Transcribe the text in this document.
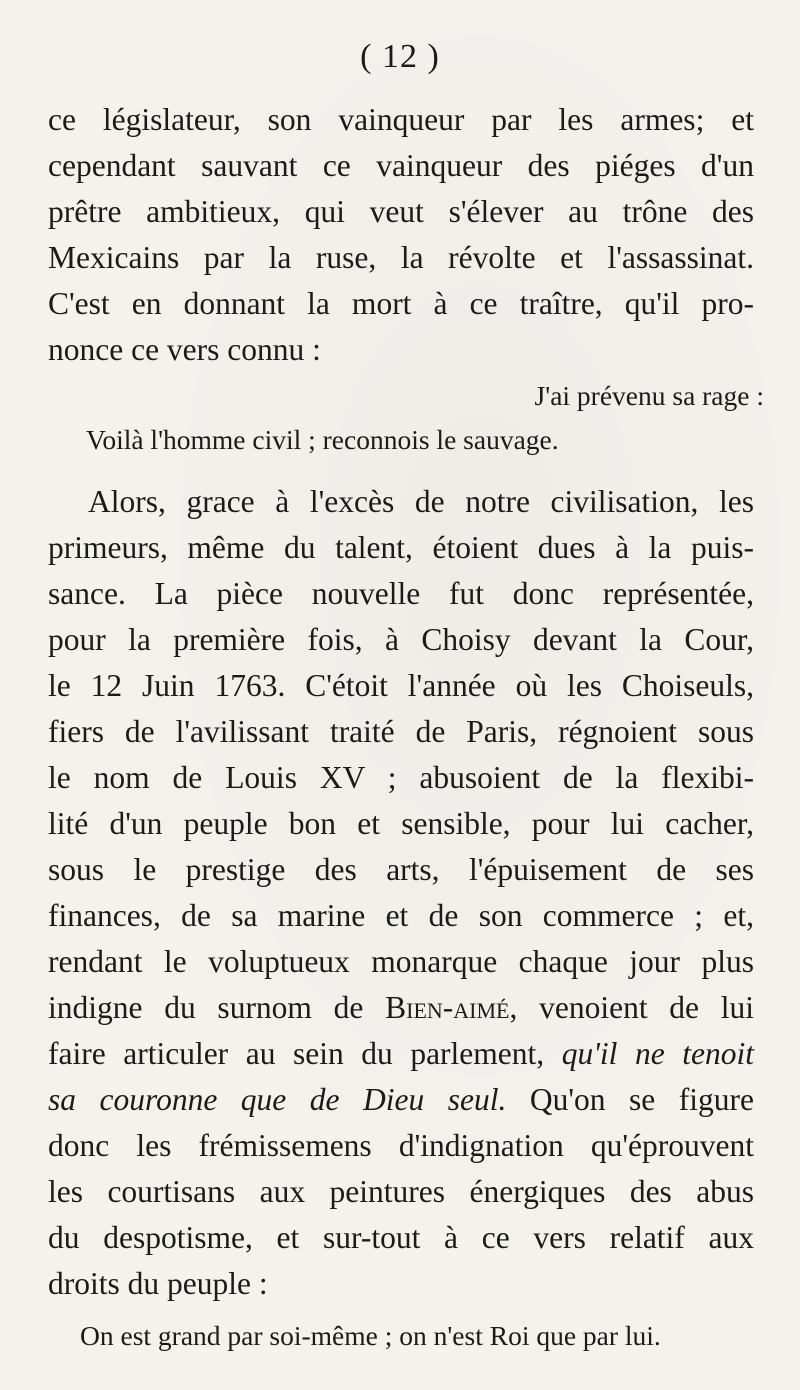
( 12 )
ce législateur, son vainqueur par les armes; et
cependant sauvant ce vainqueur des piéges d'un
prêtre ambitieux, qui veut s'élever au trône des
Mexicains par la ruse, la révolte et l'assassinat.
C'est en donnant la mort à ce traître, qu'il pro-
nonce ce vers connu :
J'ai prévenu sa rage :
Voilà l'homme civil ; reconnois le sauvage.
Alors, grace à l'excès de notre civilisation, les
primeurs, même du talent, étoient dues à la puis-
sance. La pièce nouvelle fut donc représentée,
pour la première fois, à Choisy devant la Cour,
le 12 Juin 1763. C'étoit l'année où les Choiseuls,
fiers de l'avilissant traité de Paris, régnoient sous
le nom de Louis XV ; abusoient de la flexibi-
lité d'un peuple bon et sensible, pour lui cacher,
sous le prestige des arts, l'épuisement de ses
finances, de sa marine et de son commerce ; et,
rendant le voluptueux monarque chaque jour plus
indigne du surnom de Bien-aimé, venoient de lui
faire articuler au sein du parlement, qu'il ne tenoit
sa couronne que de Dieu seul. Qu'on se figure
donc les frémissemens d'indignation qu'éprouvent
les courtisans aux peintures énergiques des abus
du despotisme, et sur-tout à ce vers relatif aux
droits du peuple :
On est grand par soi-même ; on n'est Roi que par lui.
